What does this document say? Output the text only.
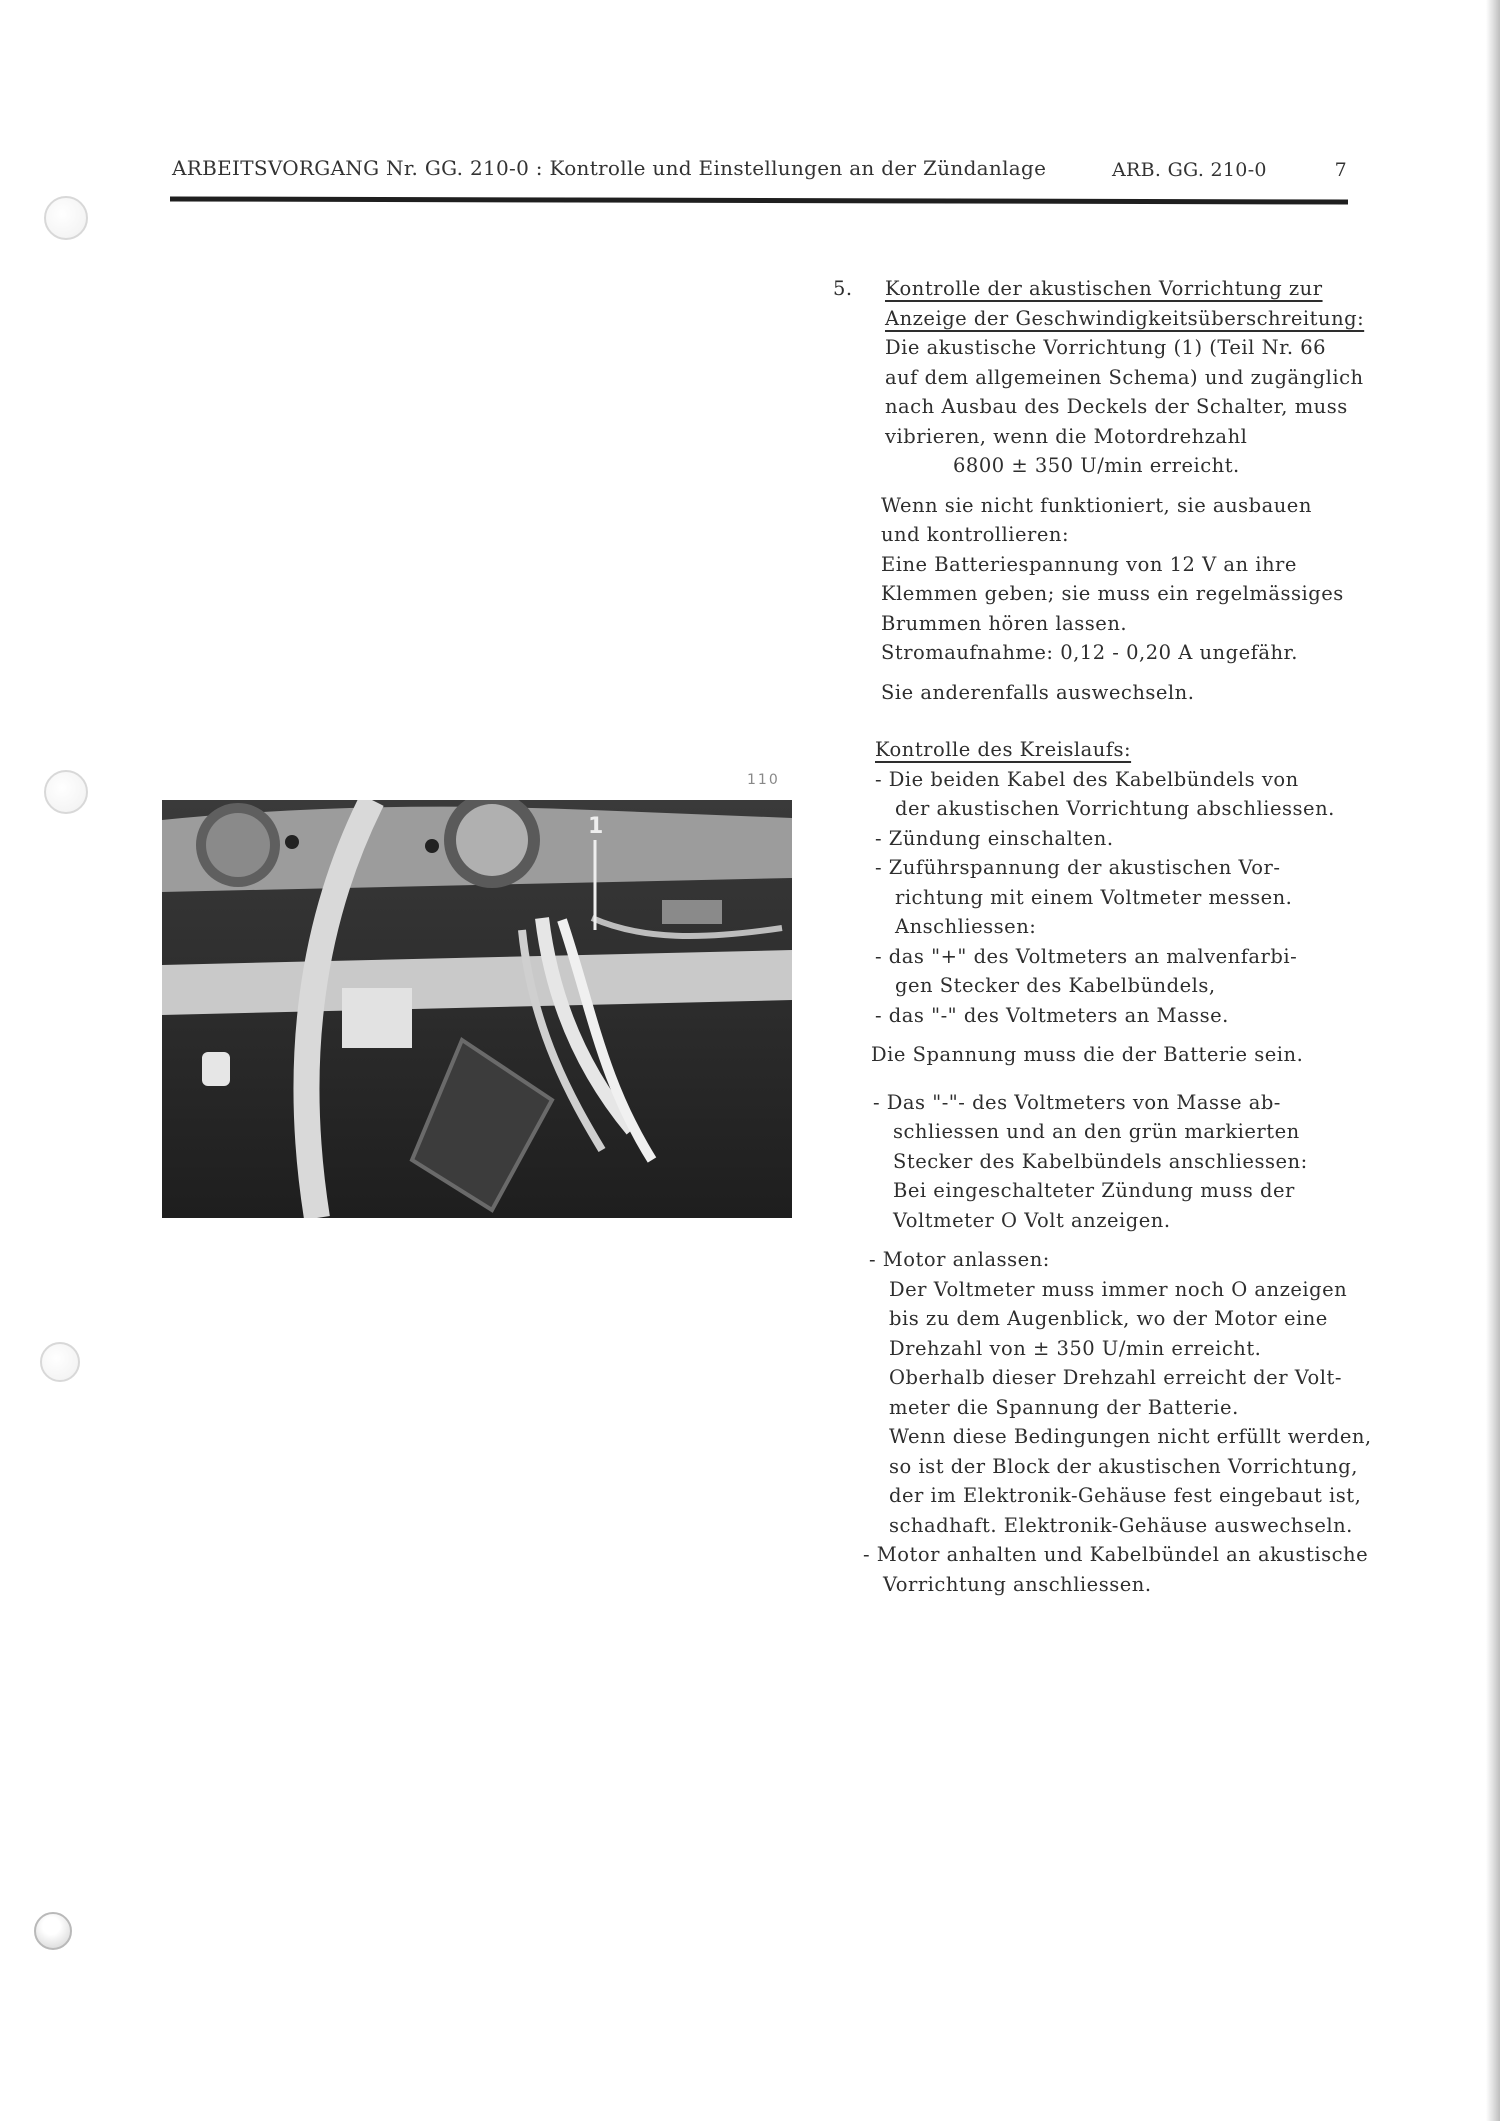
ARBEITSVORGANG Nr. GG. 210-0 : Kontrolle und Einstellungen an der Zündanlage	ARB. GG. 210-0	7
110
1
5. Kontrolle der akustischen Vorrichtung zur
Anzeige der Geschwindigkeitsüberschreitung:
Die akustische Vorrichtung (1) (Teil Nr. 66
auf dem allgemeinen Schema) und zugänglich
nach Ausbau des Deckels der Schalter, muss
vibrieren, wenn die Motordrehzahl
6800 ± 350 U/min erreicht.
Wenn sie nicht funktioniert, sie ausbauen
und kontrollieren:
Eine Batteriespannung von 12 V an ihre
Klemmen geben; sie muss ein regelmässiges
Brummen hören lassen.
Stromaufnahme: 0,12 - 0,20 A ungefähr.
Sie anderenfalls auswechseln.
Kontrolle des Kreislaufs:
- Die beiden Kabel des Kabelbündels von
der akustischen Vorrichtung abschliessen.
- Zündung einschalten.
- Zuführspannung der akustischen Vor-
richtung mit einem Voltmeter messen.
Anschliessen:
- das "+" des Voltmeters an malvenfarbi-
gen Stecker des Kabelbündels,
- das "-" des Voltmeters an Masse.
Die Spannung muss die der Batterie sein.
- Das "-"- des Voltmeters von Masse ab-
schliessen und an den grün markierten
Stecker des Kabelbündels anschliessen:
Bei eingeschalteter Zündung muss der
Voltmeter O Volt anzeigen.
- Motor anlassen:
Der Voltmeter muss immer noch O anzeigen
bis zu dem Augenblick, wo der Motor eine
Drehzahl von ± 350 U/min erreicht.
Oberhalb dieser Drehzahl erreicht der Volt-
meter die Spannung der Batterie.
Wenn diese Bedingungen nicht erfüllt werden,
so ist der Block der akustischen Vorrichtung,
der im Elektronik-Gehäuse fest eingebaut ist,
schadhaft. Elektronik-Gehäuse auswechseln.
- Motor anhalten und Kabelbündel an akustische
Vorrichtung anschliessen.
